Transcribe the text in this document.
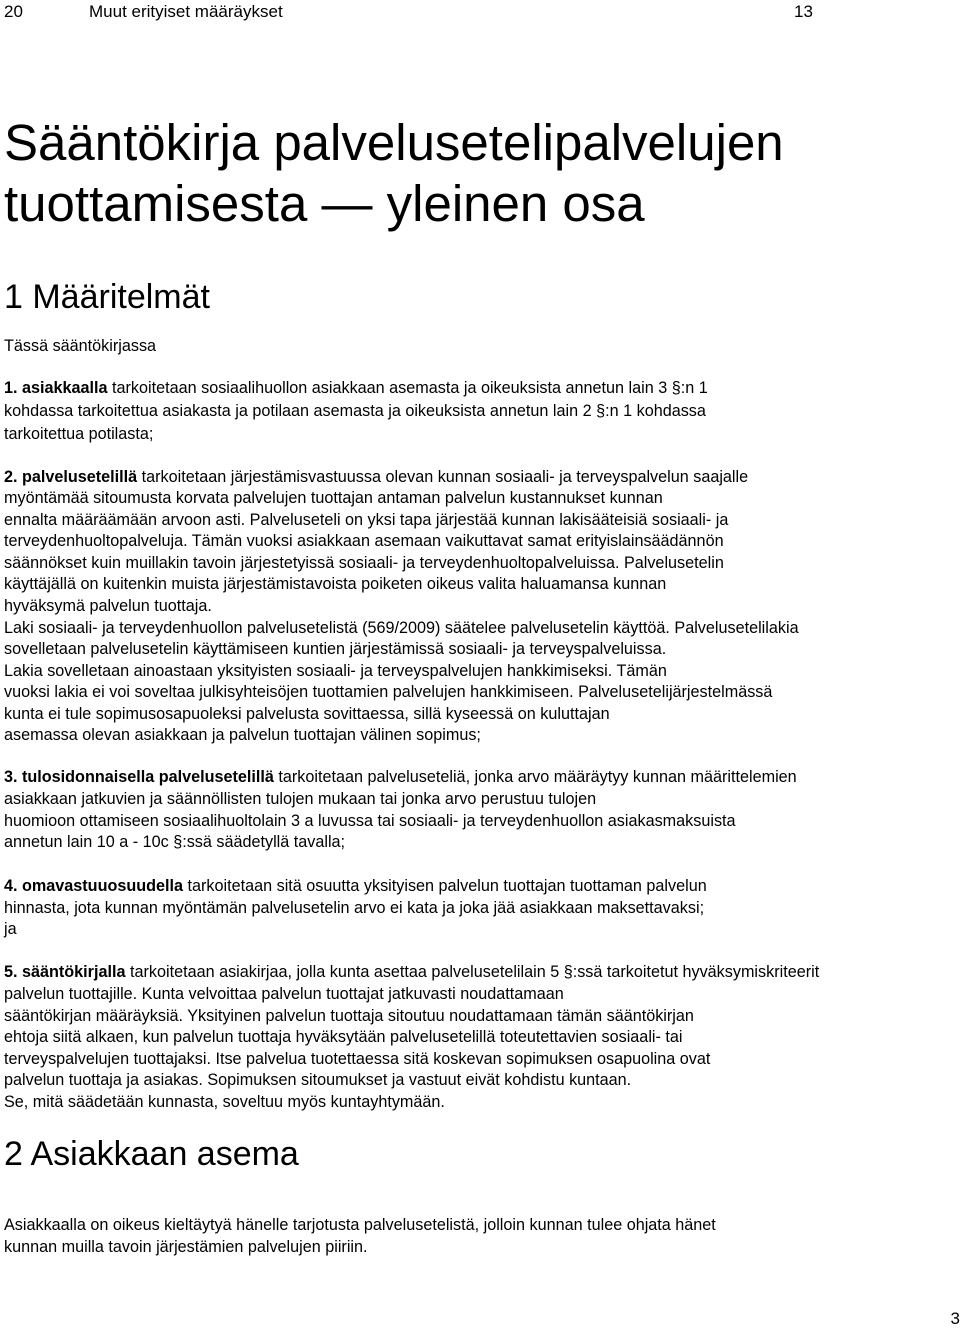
20	Muut erityiset määräykset	13
Sääntökirja palvelusetelipalvelujen
tuottamisesta — yleinen osa
1 Määritelmät

Tässä sääntökirjassa

1. asiakkaalla tarkoitetaan sosiaalihuollon asiakkaan asemasta ja oikeuksista annetun lain 3 §:n 1

kohdassa tarkoitettua asiakasta ja potilaan asemasta ja oikeuksista annetun lain 2 §:n 1 kohdassa

tarkoitettua potilasta;

2. palvelusetelillä tarkoitetaan järjestämisvastuussa olevan kunnan sosiaali- ja terveyspalvelun saajalle

myöntämää sitoumusta korvata palvelujen tuottajan antaman palvelun kustannukset kunnan

ennalta määräämään arvoon asti. Palveluseteli on yksi tapa järjestää kunnan lakisääteisiä sosiaali- ja

terveydenhuoltopalveluja. Tämän vuoksi asiakkaan asemaan vaikuttavat samat erityislainsäädännön

säännökset kuin muillakin tavoin järjestetyissä sosiaali- ja terveydenhuoltopalveluissa. Palvelusetelin

käyttäjällä on kuitenkin muista järjestämistavoista poiketen oikeus valita haluamansa kunnan

hyväksymä palvelun tuottaja.

Laki sosiaali- ja terveydenhuollon palvelusetelistä (569/2009) säätelee palvelusetelin käyttöä. Palvelusetelilakia

sovelletaan palvelusetelin käyttämiseen kuntien järjestämissä sosiaali- ja terveyspalveluissa.

Lakia sovelletaan ainoastaan yksityisten sosiaali- ja terveyspalvelujen hankkimiseksi. Tämän

vuoksi lakia ei voi soveltaa julkisyhteisöjen tuottamien palvelujen hankkimiseen. Palvelusetelijärjestelmässä

kunta ei tule sopimusosapuoleksi palvelusta sovittaessa, sillä kyseessä on kuluttajan

asemassa olevan asiakkaan ja palvelun tuottajan välinen sopimus;

3. tulosidonnaisella palvelusetelillä tarkoitetaan palveluseteliä, jonka arvo määräytyy kunnan määrittelemien

asiakkaan jatkuvien ja säännöllisten tulojen mukaan tai jonka arvo perustuu tulojen

huomioon ottamiseen sosiaalihuoltolain 3 a luvussa tai sosiaali- ja terveydenhuollon asiakasmaksuista

annetun lain 10 a - 10c §:ssä säädetyllä tavalla;

4. omavastuuosuudella tarkoitetaan sitä osuutta yksityisen palvelun tuottajan tuottaman palvelun

hinnasta, jota kunnan myöntämän palvelusetelin arvo ei kata ja joka jää asiakkaan maksettavaksi;

ja

5. sääntökirjalla tarkoitetaan asiakirjaa, jolla kunta asettaa palvelusetelilain 5 §:ssä tarkoitetut hyväksymiskriteerit

palvelun tuottajille. Kunta velvoittaa palvelun tuottajat jatkuvasti noudattamaan

sääntökirjan määräyksiä. Yksityinen palvelun tuottaja sitoutuu noudattamaan tämän sääntökirjan

ehtoja siitä alkaen, kun palvelun tuottaja hyväksytään palvelusetelillä toteutettavien sosiaali- tai

terveyspalvelujen tuottajaksi. Itse palvelua tuotettaessa sitä koskevan sopimuksen osapuolina ovat

palvelun tuottaja ja asiakas. Sopimuksen sitoumukset ja vastuut eivät kohdistu kuntaan.

Se, mitä säädetään kunnasta, soveltuu myös kuntayhtymään.

2 Asiakkaan asema

Asiakkaalla on oikeus kieltäytyä hänelle tarjotusta palvelusetelistä, jolloin kunnan tulee ohjata hänet

kunnan muilla tavoin järjestämien palvelujen piiriin.

3
